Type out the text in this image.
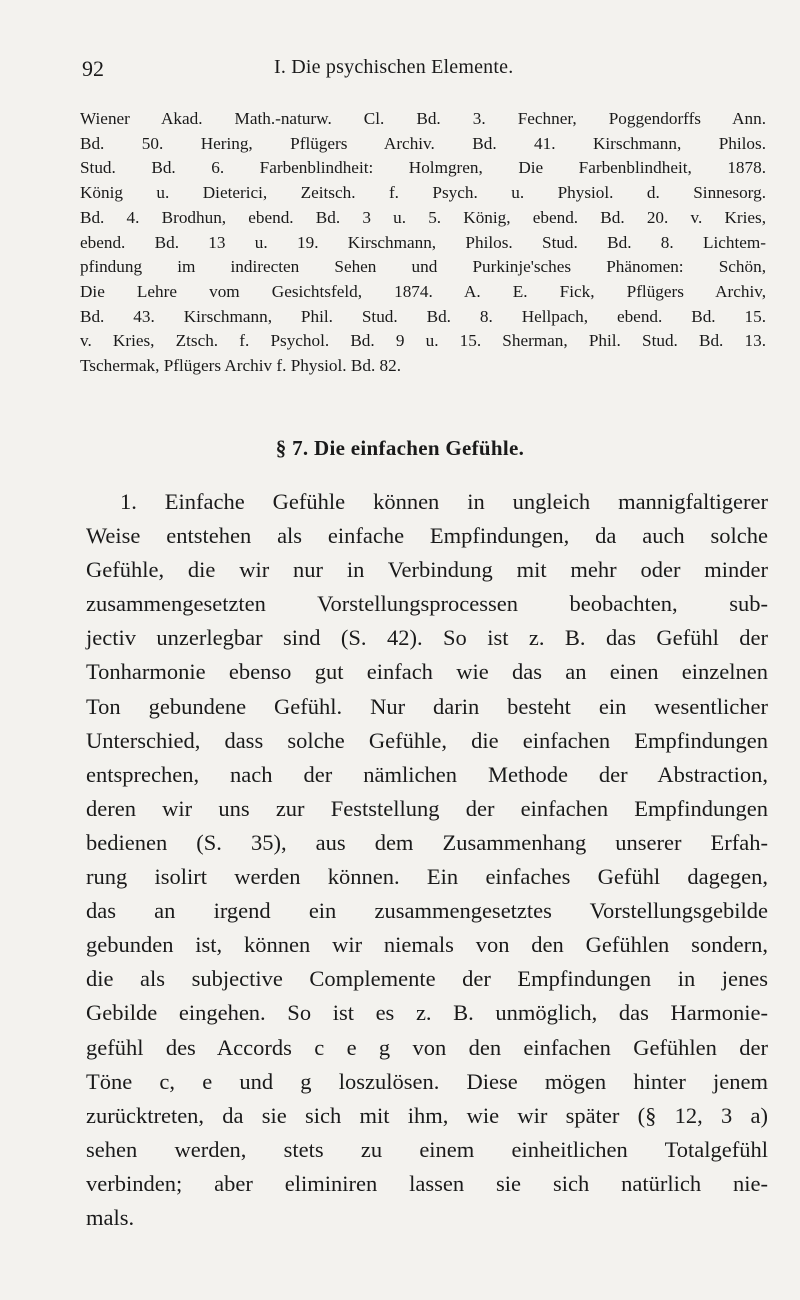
92	I. Die psychischen Elemente.
Wiener Akad. Math.-naturw. Cl. Bd. 3. Fechner, Poggendorffs Ann.
Bd. 50. Hering, Pflügers Archiv. Bd. 41. Kirschmann, Philos.
Stud. Bd. 6. Farbenblindheit: Holmgren, Die Farbenblindheit, 1878.
König u. Dieterici, Zeitsch. f. Psych. u. Physiol. d. Sinnesorg.
Bd. 4. Brodhun, ebend. Bd. 3 u. 5. König, ebend. Bd. 20. v. Kries,
ebend. Bd. 13 u. 19. Kirschmann, Philos. Stud. Bd. 8. Lichtem-
pfindung im indirecten Sehen und Purkinje'sches Phänomen: Schön,
Die Lehre vom Gesichtsfeld, 1874. A. E. Fick, Pflügers Archiv,
Bd. 43. Kirschmann, Phil. Stud. Bd. 8. Hellpach, ebend. Bd. 15.
v. Kries, Ztsch. f. Psychol. Bd. 9 u. 15. Sherman, Phil. Stud. Bd. 13.
Tschermak, Pflügers Archiv f. Physiol. Bd. 82.
§ 7. Die einfachen Gefühle.
1. Einfache Gefühle können in ungleich mannigfaltigerer
Weise entstehen als einfache Empfindungen, da auch solche
Gefühle, die wir nur in Verbindung mit mehr oder minder
zusammengesetzten Vorstellungsprocessen beobachten, sub-
jectiv unzerlegbar sind (S. 42). So ist z. B. das Gefühl der
Tonharmonie ebenso gut einfach wie das an einen einzelnen
Ton gebundene Gefühl. Nur darin besteht ein wesentlicher
Unterschied, dass solche Gefühle, die einfachen Empfindungen
entsprechen, nach der nämlichen Methode der Abstraction,
deren wir uns zur Feststellung der einfachen Empfindungen
bedienen (S. 35), aus dem Zusammenhang unserer Erfah-
rung isolirt werden können. Ein einfaches Gefühl dagegen,
das an irgend ein zusammengesetztes Vorstellungsgebilde
gebunden ist, können wir niemals von den Gefühlen sondern,
die als subjective Complemente der Empfindungen in jenes
Gebilde eingehen. So ist es z. B. unmöglich, das Harmonie-
gefühl des Accords c e g von den einfachen Gefühlen der
Töne c, e und g loszulösen. Diese mögen hinter jenem
zurücktreten, da sie sich mit ihm, wie wir später (§ 12, 3 a)
sehen werden, stets zu einem einheitlichen Totalgefühl
verbinden; aber eliminiren lassen sie sich natürlich nie-
mals.
